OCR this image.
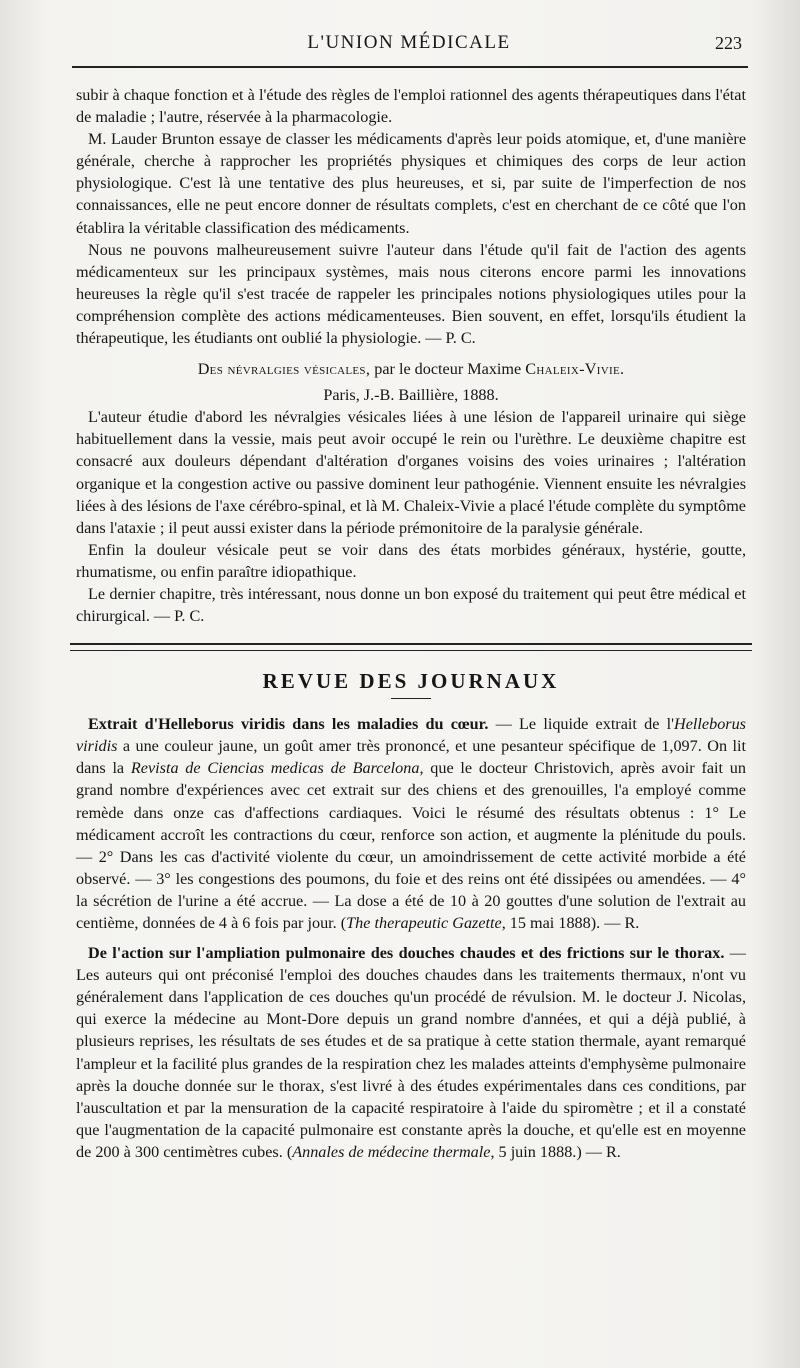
L'UNION MÉDICALE	223

subir à chaque fonction et à l'étude des règles de l'emploi rationnel des agents thérapeutiques dans l'état de maladie ; l'autre, réservée à la pharmacologie.

M. Lauder Brunton essaye de classer les médicaments d'après leur poids atomique, et, d'une manière générale, cherche à rapprocher les propriétés physiques et chimiques des corps de leur action physiologique. C'est là une tentative des plus heureuses, et si, par suite de l'imperfection de nos connaissances, elle ne peut encore donner de résultats complets, c'est en cherchant de ce côté que l'on établira la véritable classification des médicaments.

Nous ne pouvons malheureusement suivre l'auteur dans l'étude qu'il fait de l'action des agents médicamenteux sur les principaux systèmes, mais nous citerons encore parmi les innovations heureuses la règle qu'il s'est tracée de rappeler les principales notions physiologiques utiles pour la compréhension complète des actions médicamenteuses. Bien souvent, en effet, lorsqu'ils étudient la thérapeutique, les étudiants ont oublié la physiologie. — P. C.

Des névralgies vésicales, par le docteur Maxime Chaleix-Vivie.

Paris, J.-B. Baillière, 1888.

L'auteur étudie d'abord les névralgies vésicales liées à une lésion de l'appareil urinaire qui siège habituellement dans la vessie, mais peut avoir occupé le rein ou l'urèthre. Le deuxième chapitre est consacré aux douleurs dépendant d'altération d'organes voisins des voies urinaires ; l'altération organique et la congestion active ou passive dominent leur pathogénie. Viennent ensuite les névralgies liées à des lésions de l'axe cérébro-spinal, et là M. Chaleix-Vivie a placé l'étude complète du symptôme dans l'ataxie ; il peut aussi exister dans la période prémonitoire de la paralysie générale.

Enfin la douleur vésicale peut se voir dans des états morbides généraux, hystérie, goutte, rhumatisme, ou enfin paraître idiopathique.

Le dernier chapitre, très intéressant, nous donne un bon exposé du traitement qui peut être médical et chirurgical. — P. C.

REVUE DES JOURNAUX

Extrait d'Helleborus viridis dans les maladies du cœur. — Le liquide extrait de l'Helleborus viridis a une couleur jaune, un goût amer très prononcé, et une pesanteur spécifique de 1,097. On lit dans la Revista de Ciencias medicas de Barcelona, que le docteur Christovich, après avoir fait un grand nombre d'expériences avec cet extrait sur des chiens et des grenouilles, l'a employé comme remède dans onze cas d'affections cardiaques. Voici le résumé des résultats obtenus : 1° Le médicament accroît les contractions du cœur, renforce son action, et augmente la plénitude du pouls. — 2° Dans les cas d'activité violente du cœur, un amoindrissement de cette activité morbide a été observé. — 3° les congestions des poumons, du foie et des reins ont été dissipées ou amendées. — 4° la sécrétion de l'urine a été accrue. — La dose a été de 10 à 20 gouttes d'une solution de l'extrait au centième, données de 4 à 6 fois par jour. (The therapeutic Gazette, 15 mai 1888). — R.

De l'action sur l'ampliation pulmonaire des douches chaudes et des frictions sur le thorax. — Les auteurs qui ont préconisé l'emploi des douches chaudes dans les traitements thermaux, n'ont vu généralement dans l'application de ces douches qu'un procédé de révulsion. M. le docteur J. Nicolas, qui exerce la médecine au Mont-Dore depuis un grand nombre d'années, et qui a déjà publié, à plusieurs reprises, les résultats de ses études et de sa pratique à cette station thermale, ayant remarqué l'ampleur et la facilité plus grandes de la respiration chez les malades atteints d'emphysème pulmonaire après la douche donnée sur le thorax, s'est livré à des études expérimentales dans ces conditions, par l'auscultation et par la mensuration de la capacité respiratoire à l'aide du spiromètre ; et il a constaté que l'augmentation de la capacité pulmonaire est constante après la douche, et qu'elle est en moyenne de 200 à 300 centimètres cubes. (Annales de médecine thermale, 5 juin 1888.) — R.
